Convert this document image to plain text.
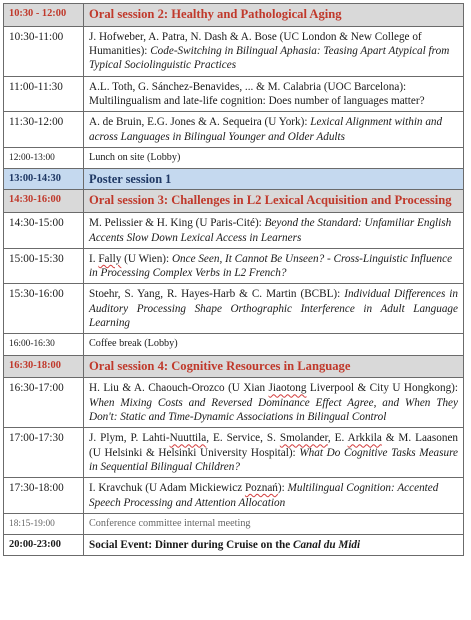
10:30 - 12:00	Oral session 2: Healthy and Pathological Aging
10:30-11:00	J. Hofweber, A. Patra, N. Dash & A. Bose (UC London & New College of Humanities): Code-Switching in Bilingual Aphasia: Teasing Apart Atypical from Typical Sociolinguistic Practices
11:00-11:30	A.L. Toth, G. Sánchez-Benavides, ... & M. Calabria (UOC Barcelona): Multilingualism and late-life cognition: Does number of languages matter?
11:30-12:00	A. de Bruin, E.G. Jones & A. Sequeira (U York): Lexical Alignment within and across Languages in Bilingual Younger and Older Adults
12:00-13:00	Lunch on site (Lobby)
13:00-14:30	Poster session 1
14:30-16:00	Oral session 3: Challenges in L2 Lexical Acquisition and Processing
14:30-15:00	M. Pelissier & H. King (U Paris-Cité): Beyond the Standard: Unfamiliar English Accents Slow Down Lexical Access in Learners
15:00-15:30	I. Fally (U Wien): Once Seen, It Cannot Be Unseen? - Cross-Linguistic Influence in Processing Complex Verbs in L2 French?
15:30-16:00	Stoehr, S. Yang, R. Hayes-Harb & C. Martin (BCBL): Individual Differences in Auditory Processing Shape Orthographic Interference in Adult Language Learning
16:00-16:30	Coffee break (Lobby)
16:30-18:00	Oral session 4: Cognitive Resources in Language
16:30-17:00	H. Liu & A. Chaouch-Orozco (U Xian Jiaotong Liverpool & City U Hongkong): When Mixing Costs and Reversed Dominance Effect Agree, and When They Don't: Static and Time-Dynamic Associations in Bilingual Control
17:00-17:30	J. Plym, P. Lahti-Nuuttila, E. Service, S. Smolander, E. Arkkila & M. Laasonen (U Helsinki & Helsinki University Hospital): What Do Cognitive Tasks Measure in Sequential Bilingual Children?
17:30-18:00	I. Kravchuk (U Adam Mickiewicz Poznań): Multilingual Cognition: Accented Speech Processing and Attention Allocation
18:15-19:00	Conference committee internal meeting
20:00-23:00	Social Event: Dinner during Cruise on the Canal du Midi
